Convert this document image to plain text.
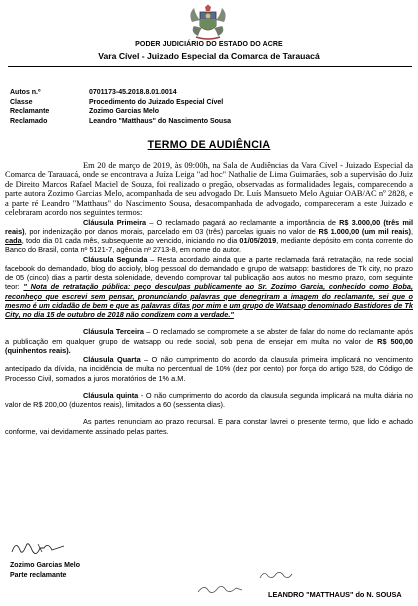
PODER JUDICIÁRIO DO ESTADO DO ACRE
Vara Cível - Juizado Especial da Comarca de Tarauacá
Autos n.º	0701173-45.2018.8.01.0014
Classe	Procedimento do Juizado Especial Cível
Reclamante	Zozimo Garcias Melo
Reclamado	Leandro "Matthaus" do Nascimento Sousa
TERMO DE AUDIÊNCIA

Em 20 de março de 2019, às 09:00h, na Sala de Audiências da Vara Cível - Juizado Especial da Comarca de Tarauacá, onde se encontrava a Juíza Leiga "ad hoc" Nathalie de Lima Guimarães, sob a supervisão do Juiz de Direito Marcos Rafael Maciel de Souza, foi realizado o pregão, observadas as formalidades legais, comparecendo a parte autora Zozimo Garcias Melo, acompanhada de seu advogado Dr. Luís Mansueto Melo Aguiar OAB/AC nº 2828, e a parte ré Leandro "Matthaus" do Nascimento Sousa, desacompanhada de advogado, compareceram a este Juizado e celebraram acordo nos seguintes termos:

Cláusula Primeira – O reclamado pagará ao reclamante a importância de R$ 3.000,00 (três mil reais), por indenização por danos morais, parcelado em 03 (três) parcelas iguais no valor de R$ 1.000,00 (um mil reais), cada, todo dia 01 cada mês, subsequente ao vencido, iniciando no dia 01/05/2019, mediante depósito em conta corrente do Banco do Brasil, conta nº 5121-7, agência nº 2713-8, em nome do autor.

Cláusula Segunda – Resta acordado ainda que a parte reclamada fará retratação, na rede social facebook do demandado, blog do accioly, blog pessoal do demandado e grupo de watsapp: bastidores de Tk city, no prazo de 05 (cinco) dias a partir desta solenidade, devendo comprovar tal publicação aos autos no mesmo prazo, com seguinte teor: " Nota de retratação pública: peço desculpas publicamente ao Sr. Zozimo Garcia, conhecido como Boba, reconheço que escrevi sem pensar, pronunciando palavras que denegriram a imagem do reclamante, sei que o mesmo é um cidadão de bem e que as palavras ditas por mim e um grupo de Watsaap denominado Bastidores de Tk City, no dia 15 de outubro de 2018 não condizem com a verdade."

Cláusula Terceira – O reclamado se compromete a se abster de falar do nome do reclamante após a publicação em qualquer grupo de watsapp ou rede social, sob pena de ensejar em multa no valor de R$ 500,00 (quinhentos reais).

Cláusula Quarta – O não cumprimento do acordo da clausula primeira implicará no vencimento antecipado da dívida, na incidência de multa no percentual de 10% (dez por cento) por força do artigo 528, do Código de Processo Civil, somados a juros moratórios de 1% a.M.

Cláusula quinta - O não cumprimento do acordo da clausula segunda implicará na multa diária no valor de R$ 200,00 (duzentos reais), limitados a 60 (sessenta dias).

As partes renunciam ao prazo recursal. E para constar lavrei o presente termo, que lido e achado conforme, vai devidamente assinado pelas partes.

Zozimo Garcias Melo
Parte reclamante
LEANDRO "MATTHAUS" do N. SOUSA
